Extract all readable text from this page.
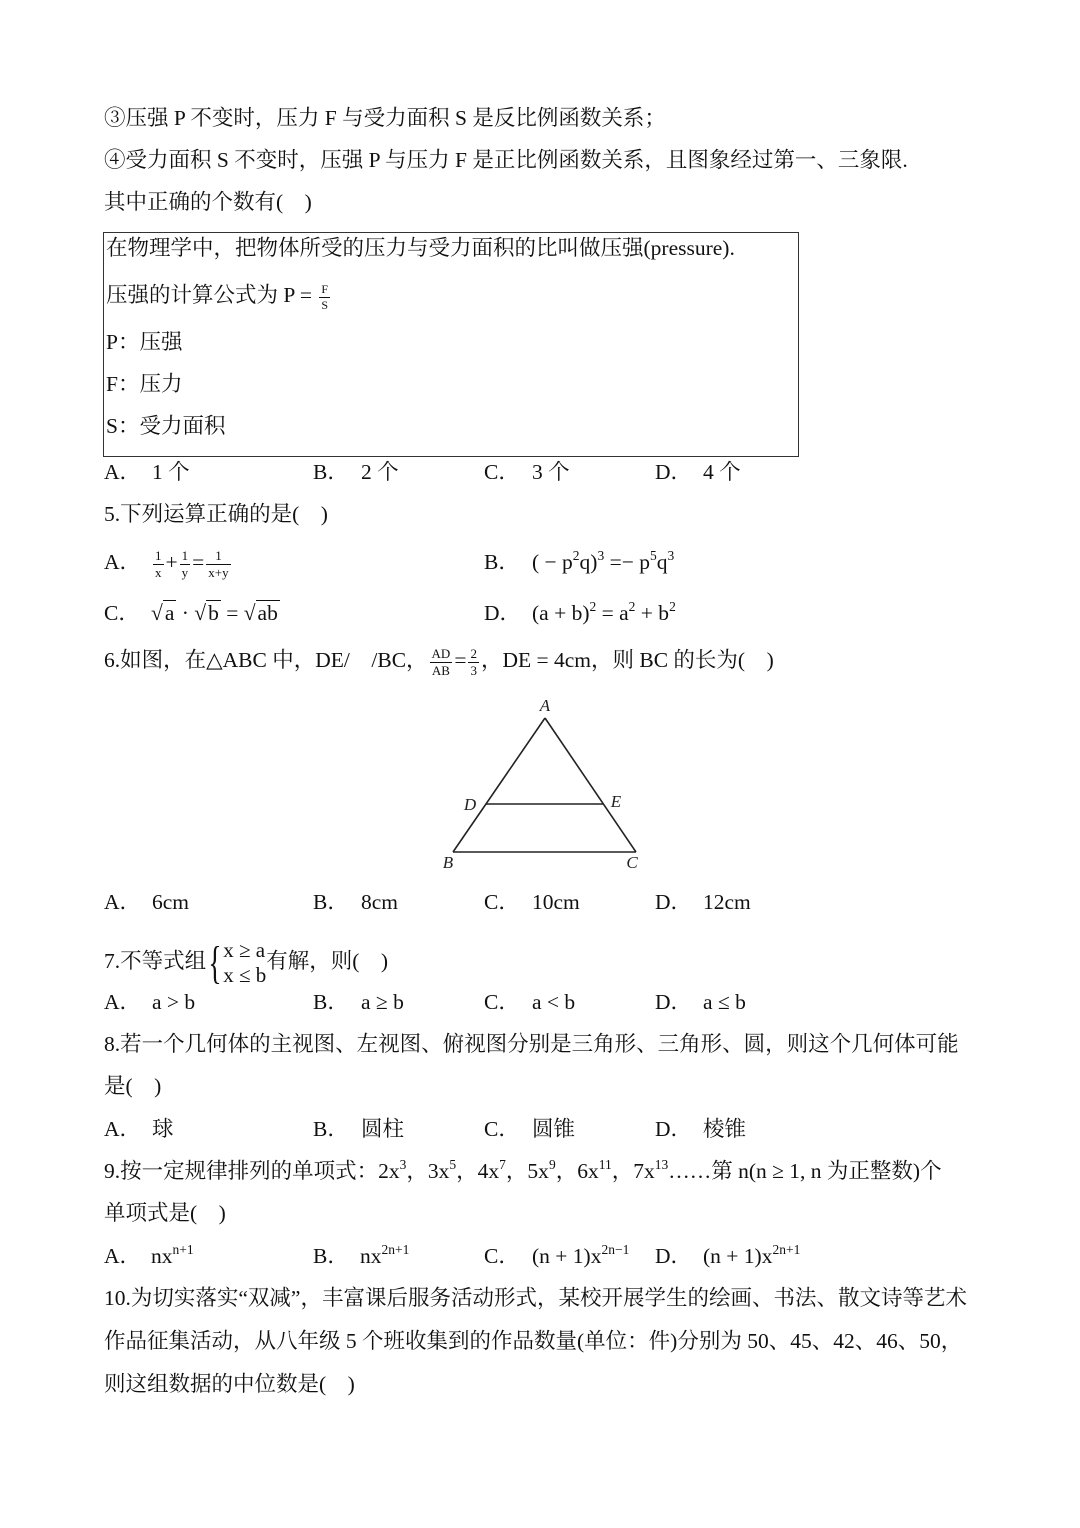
③压强 P 不变时，压力 F 与受力面积 S 是反比例函数关系；
④受力面积 S 不变时，压强 P 与压力 F 是正比例函数关系，且图象经过第一、三象限.
其中正确的个数有(    )
在物理学中，把物体所受的压力与受力面积的比叫做压强(pressure).
压强的计算公式为 $P = \frac{F}{S}$
P：压强
F：压力
S：受力面积
A． 1 个	B． 2 个	C． 3 个	D． 4 个
5.下列运算正确的是(    )
A． $\frac{1}{x} + \frac{1}{y} = \frac{1}{x+y}$	B． ( − $p^2q)^3 =- p^5q^3$
C． √a · √b = √ab	D． $(a + b)^2 = a^2 + b^2$
6.如图，在△ABC 中，DE/    /BC， $\frac{AD}{AB} = \frac{2}{3}$ ，DE = 4cm，则 BC 的长为(    )
A
D	E
B	C
A． 6cm	B． 8cm	C． 10cm	D． 12cm
7.不等式组{ x ≥ a
x ≤ b
有解，则(    )
A． a > b	B． a ≥ b	C． a < b	D． a ≤ b
8.若一个几何体的主视图、左视图、俯视图分别是三角形、三角形、圆，则这个几何体可能
是(    )
A． 球	B． 圆柱	C． 圆锥	D． 棱锥
9.按一定规律排列的单项式：$2x^3$，$3x^5$，$4x^7$，$5x^9$，$6x^{11}$，$7x^{13}\dots\dots$第 n(n ≥ 1, n 为正整数)个
单项式是(    )
A． $nx^{n+1}$	B． $nx^{2n+1}$	C． $(n + 1)x^{2n-1}$ D． $(n + 1)x^{2n+1}$
10.为切实落实“双减”，丰富课后服务活动形式，某校开展学生的绘画、书法、散文诗等艺术
作品征集活动，从八年级 5 个班收集到的作品数量(单位：件)分别为 50、45、42、46、50，
则这组数据的中位数是(    )
